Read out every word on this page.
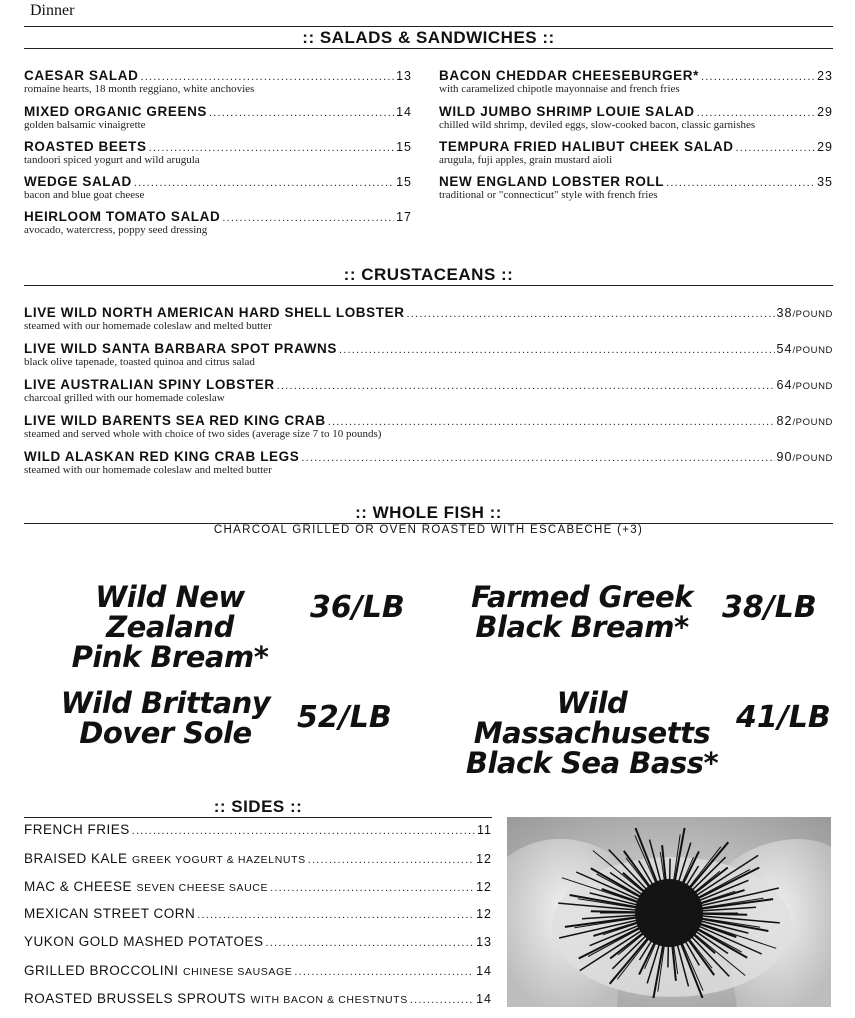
Dinner
:: SALADS & SANDWICHES ::
CAESAR SALAD .....	13
romaine hearts, 18 month reggiano, white anchovies
MIXED ORGANIC GREENS .....	14
golden balsamic vinaigrette
ROASTED BEETS .....	15
tandoori spiced yogurt and wild arugula
WEDGE SALAD .....	15
bacon and blue goat cheese
HEIRLOOM TOMATO SALAD .....	17
avocado, watercress, poppy seed dressing
BACON CHEDDAR CHEESEBURGER* .....	23
with caramelized chipotle mayonnaise and french fries
WILD JUMBO SHRIMP LOUIE SALAD .....	29
chilled wild shrimp, deviled eggs, slow-cooked bacon, classic garnishes
TEMPURA FRIED HALIBUT CHEEK SALAD .....	29
arugula, fuji apples, grain mustard aioli
NEW ENGLAND LOBSTER ROLL .....	35
traditional or "connecticut" style with french fries
:: CRUSTACEANS ::
LIVE WILD NORTH AMERICAN HARD SHELL LOBSTER .....	38 /POUND
steamed with our homemade coleslaw and melted butter
LIVE WILD SANTA BARBARA SPOT PRAWNS .....	54 /POUND
black olive tapenade, toasted quinoa and citrus salad
LIVE AUSTRALIAN SPINY LOBSTER .....	64 /POUND
charcoal grilled with our homemade coleslaw
LIVE WILD BARENTS SEA RED KING CRAB .....	82 /POUND
steamed and served whole with choice of two sides (average size 7 to 10 pounds)
WILD ALASKAN RED KING CRAB LEGS .....	90 /POUND
steamed with our homemade coleslaw and melted butter
:: WHOLE FISH ::
CHARCOAL GRILLED OR OVEN ROASTED WITH ESCABECHE (+3)
Wild New Zealand
Pink Bream*
36/LB	Farmed Greek
Black Bream*
38/LB
Wild Brittany
Dover Sole	52/LB	Wild Massachusetts
Black Sea Bass*
41/LB
:: SIDES ::
FRENCH FRIES .....	11
BRAISED KALE
GREEK YOGURT & HAZELNUTS .....	12
MAC & CHEESE
SEVEN CHEESE SAUCE .....	12
MEXICAN STREET CORN .....	12
YUKON GOLD MASHED POTATOES .....	13
GRILLED BROCCOLINI
CHINESE SAUSAGE .....	14
ROASTED BRUSSELS SPROUTS
WITH BACON & CHESTNUTS .....	14
